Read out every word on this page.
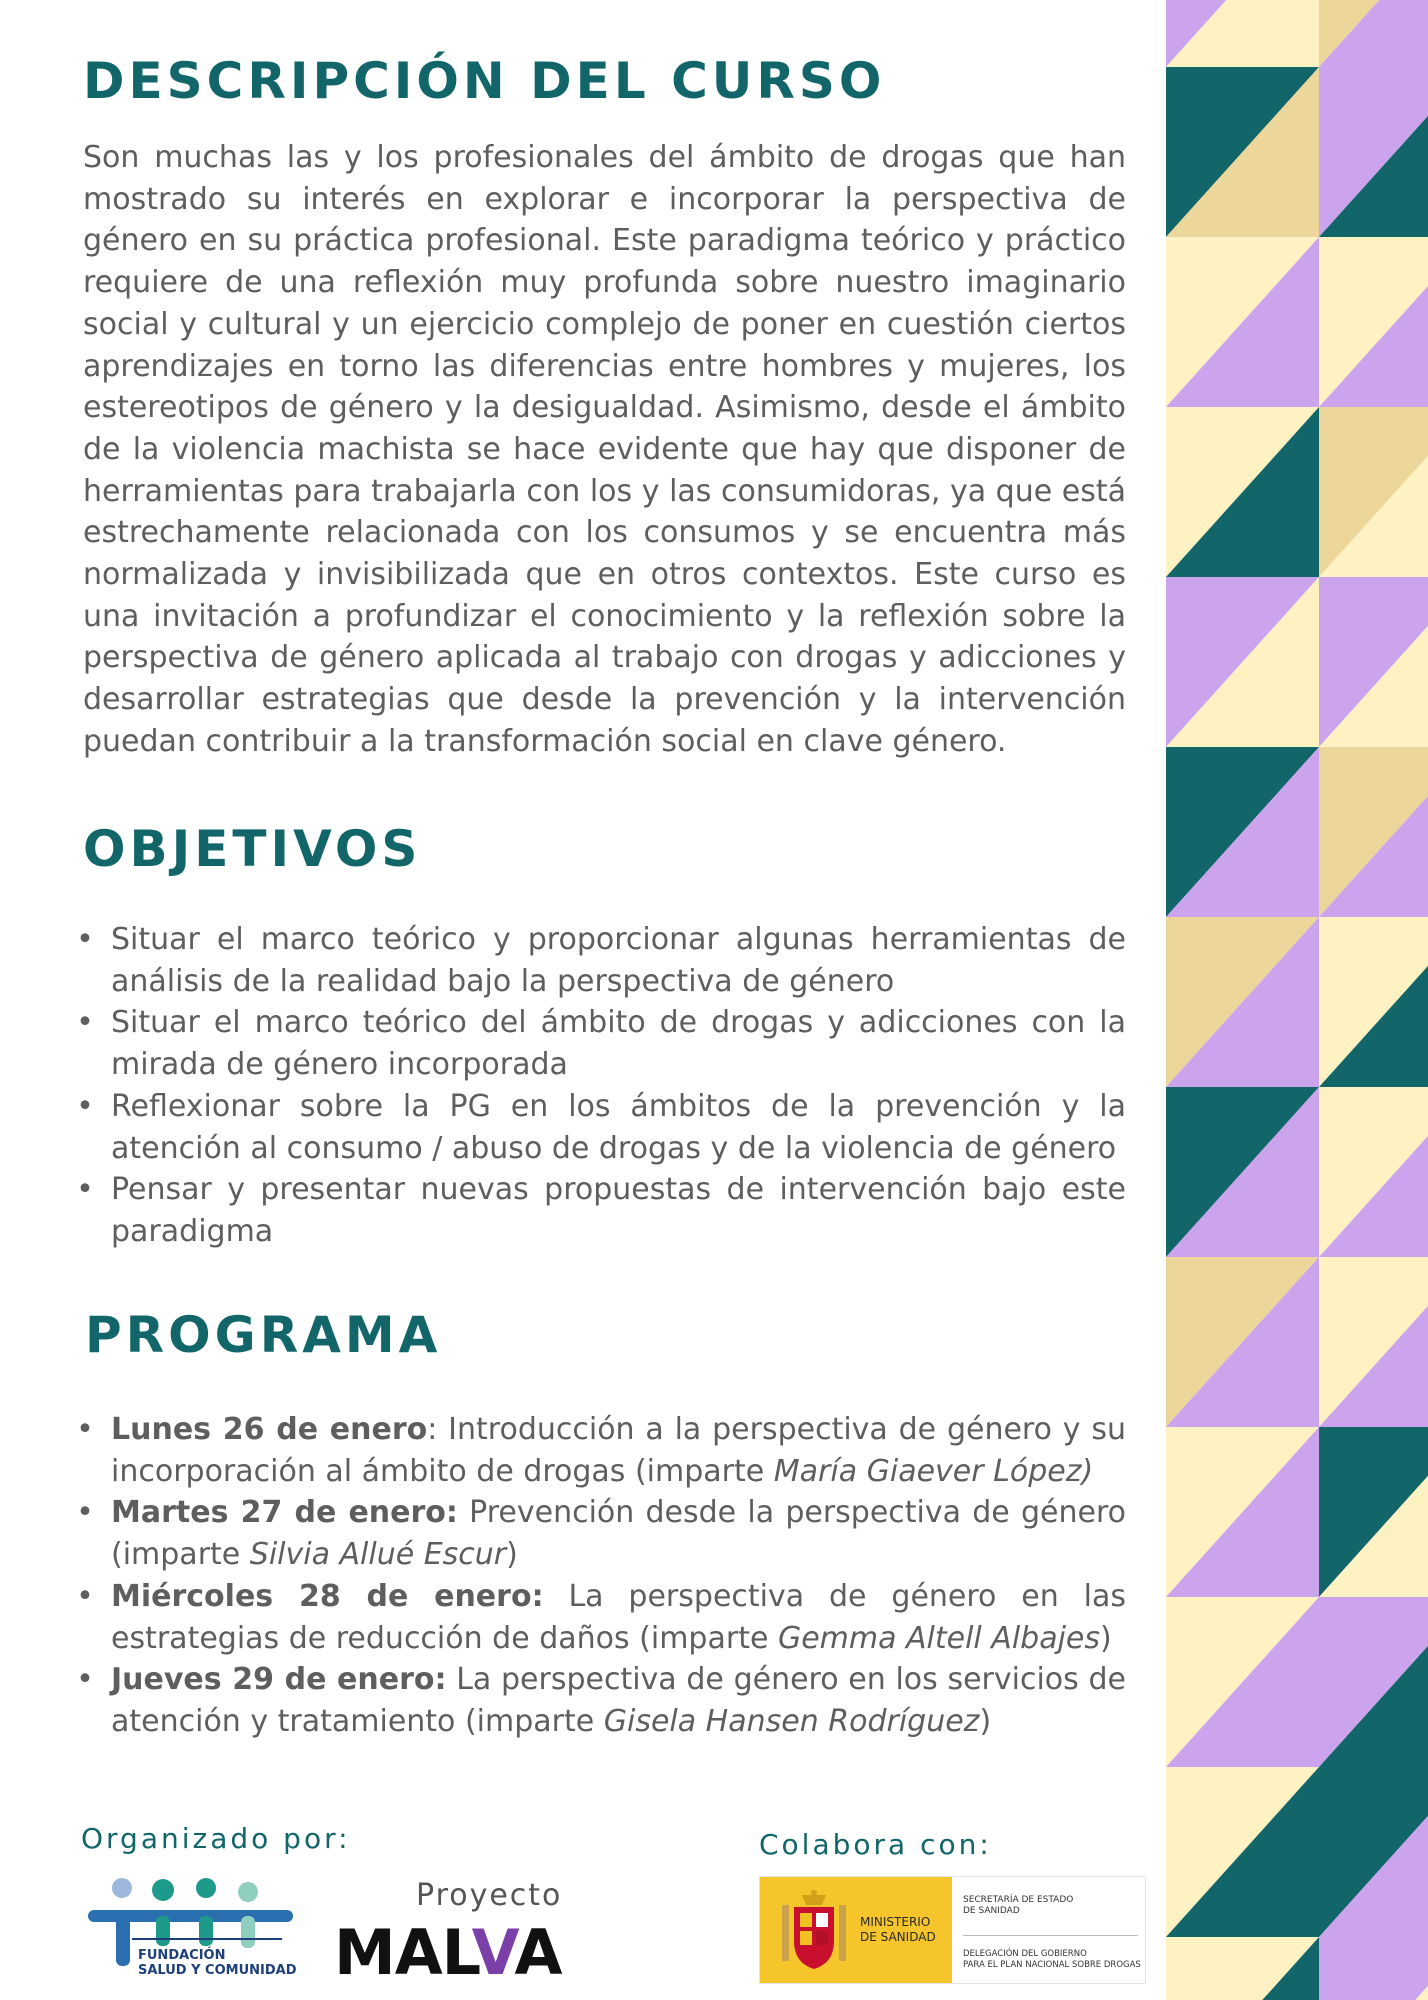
DESCRIPCIÓN DEL CURSO

Son muchas las y los profesionales del ámbito de drogas que han mostrado su interés en explorar e incorporar la perspectiva de género en su práctica profesional. Este paradigma teórico y práctico requiere de una reflexión muy profunda sobre nuestro imaginario social y cultural y un ejercicio complejo de poner en cuestión ciertos aprendizajes en torno las diferencias entre hombres y mujeres, los estereotipos de género y la desigualdad. Asimismo, desde el ámbito de la violencia machista se hace evidente que hay que disponer de herramientas para trabajarla con los y las consumidoras, ya que está estrechamente relacionada con los consumos y se encuentra más normalizada y invisibilizada que en otros contextos. Este curso es una invitación a profundizar el conocimiento y la reflexión sobre la perspectiva de género aplicada al trabajo con drogas y adicciones y desarrollar estrategias que desde la prevención y la intervención puedan contribuir a la transformación social en clave género.

OBJETIVOS
• Situar el marco teórico y proporcionar algunas herramientas de análisis de la realidad bajo la perspectiva de género
• Situar el marco teórico del ámbito de drogas y adicciones con la mirada de género incorporada
• Reflexionar sobre la PG en los ámbitos de la prevención y la atención al consumo / abuso de drogas y de la violencia de género
• Pensar y presentar nuevas propuestas de intervención bajo este paradigma
PROGRAMA
• Lunes 26 de enero: Introducción a la perspectiva de género y su incorporación al ámbito de drogas (imparte María Giaever López)
• Martes 27 de enero: Prevención desde la perspectiva de género (imparte Silvia Allué Escur)
• Miércoles 28 de enero: La perspectiva de género en las estrategias de reducción de daños (imparte Gemma Altell Albajes)
• Jueves 29 de enero: La perspectiva de género en los servicios de atención y tratamiento (imparte Gisela Hansen Rodríguez)
Organizado por:	Colabora con:
FUNDACIÓN
SALUD Y COMUNIDAD
Proyecto
MALVA	MINISTERIO
DE SANIDAD
SECRETARÍA DE ESTADO
DE SANIDAD
DELEGACIÓN DEL GOBIERNO
PARA EL PLAN NACIONAL SOBRE DROGAS
